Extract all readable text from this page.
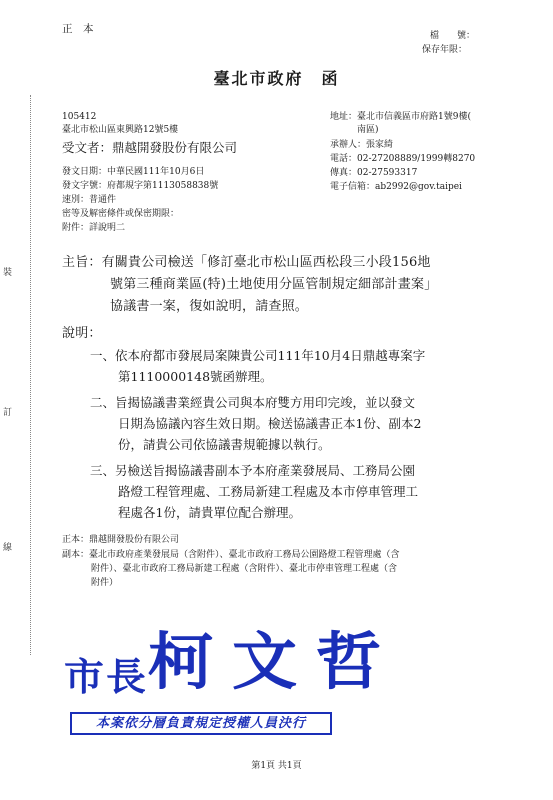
裝
訂
線
正　本
檔　　號：
保存年限：
臺北市政府　函
105412
臺北市松山區東興路12號5樓
受文者：鼎越開發股份有限公司
地址：臺北市信義區市府路1號9樓(
南區)
承辦人：張家綺
電話：02-27208889/1999轉8270
傳真：02-27593317
電子信箱：ab2992@gov.taipei
發文日期：中華民國111年10月6日
發文字號：府都規字第1113058838號
速別：普通件
密等及解密條件或保密期限：
附件：詳說明二
主旨：有關貴公司檢送「修訂臺北市松山區西松段三小段156地
號第三種商業區(特)土地使用分區管制規定細部計畫案」
協議書一案，復如說明，請查照。
說明：
一、依本府都市發展局案陳貴公司111年10月4日鼎越專案字
第1110000148號函辦理。
二、旨揭協議書業經貴公司與本府雙方用印完竣，並以發文
日期為協議內容生效日期。檢送協議書正本1份、副本2
份，請貴公司依協議書規範據以執行。
三、另檢送旨揭協議書副本予本府產業發展局、工務局公園
路燈工程管理處、工務局新建工程處及本市停車管理工
程處各1份，請貴單位配合辦理。
正本：鼎越開發股份有限公司
副本：臺北市政府產業發展局（含附件）、臺北市政府工務局公園路燈工程管理處（含
附件）、臺北市政府工務局新建工程處（含附件）、臺北市停車管理工程處（含
附件）
市長柯文哲
本案依分層負責規定授權人員決行
第1頁 共1頁
